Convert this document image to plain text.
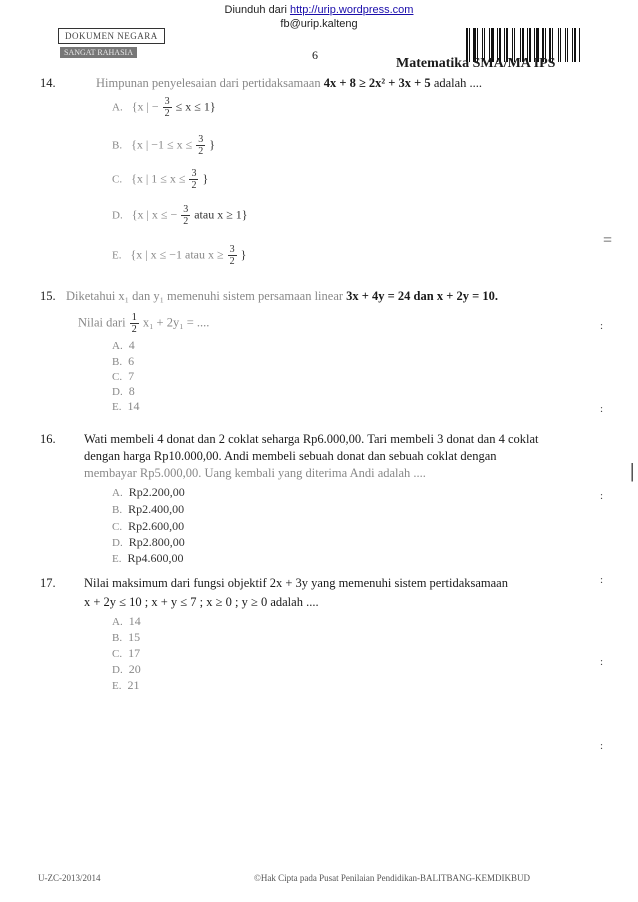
Diunduh dari http://urip.wordpress.com
fb@urip.kalteng
DOKUMEN NEGARA
SANGAT RAHASIA	6
Matematika SMA/MA IPS
14.	Himpunan penyelesaian dari pertidaksamaan 4x + 8 ≥ 2x² + 3x + 5 adalah ....
A. {x | − $\frac{3}{2} \le x \le 1$}
B. {x | $-1 \le x \le \frac{3}{2}$ }
C. {x | $1 \le x \le \frac{3}{2}$ }
D. {x | x ≤ − $\frac{3}{2}$ atau x ≥ 1}
E. {x | x ≤ −1 atau $x \ge \frac{3}{2}$ }
15. Diketahui x₁ dan y₁ memenuhi sistem persamaan linear 3x + 4y = 24 dan x + 2y = 10.
Nilai dari $\frac{1}{2} x_1 + 2y_1$ = ....
A. 4
B. 6
C. 7
D. 8
E. 14
16. Wati membeli 4 donat dan 2 coklat seharga Rp6.000,00. Tari membeli 3 donat dan 4 coklat
dengan harga Rp10.000,00. Andi membeli sebuah donat dan sebuah coklat dengan
membayar Rp5.000,00. Uang kembali yang diterima Andi adalah ....
A. Rp2.200,00
B. Rp2.400,00
C. Rp2.600,00
D. Rp2.800,00
E. Rp4.600,00
17. Nilai maksimum dari fungsi objektif 2x + 3y yang memenuhi sistem pertidaksamaan
x + 2y ≤ 10 ; x + y ≤ 7 ; x ≥ 0 ; y ≥ 0 adalah ....
A. 14
B. 15
C. 17
D. 20
E. 21
=
:
:
|
:
:
:
:
U-ZC-2013/2014	©Hak Cipta pada Pusat Penilaian Pendidikan-BALITBANG-KEMDIKBUD
